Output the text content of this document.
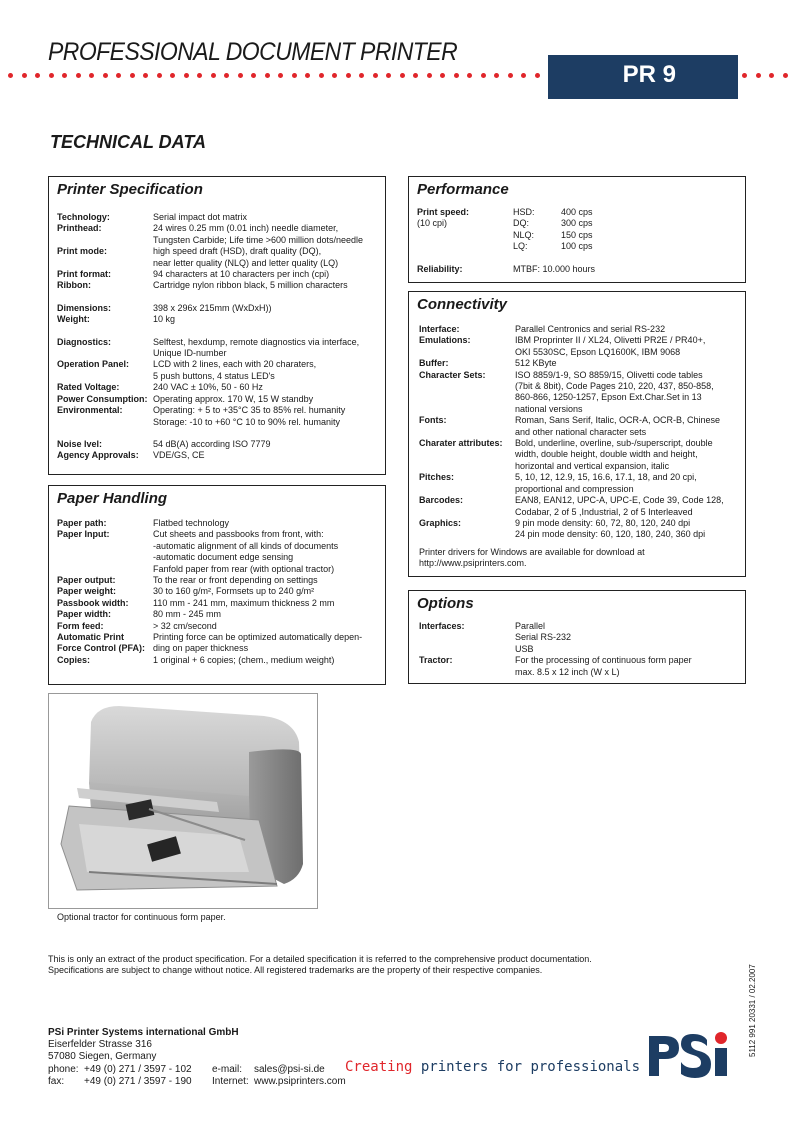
PROFESSIONAL DOCUMENT PRINTER
PR 9
TECHNICAL DATA
Printer Specification
Technology:	Serial impact dot matrix
Printhead:	24 wires 0.25 mm (0.01 inch) needle diameter,
Tungsten Carbide; Life time >600 million dots/needle
Print mode:	high speed draft (HSD), draft quality (DQ),
near letter quality (NLQ) and letter quality (LQ)
Print format:	94 characters at 10 characters per inch (cpi)
Ribbon:	Cartridge nylon ribbon black, 5 million characters
Dimensions:	398 x 296x 215mm (WxDxH))
Weight:	10 kg
Diagnostics:	Selftest, hexdump, remote diagnostics via interface,
Unique ID-number
Operation Panel:	LCD with 2 lines, each with 20 charaters,
5 push buttons, 4 status LED's
Rated Voltage:	240 VAC ± 10%, 50 - 60 Hz
Power Consumption: Operating approx. 170 W, 15 W standby
Environmental:	Operating: + 5 to +35°C 35 to 85% rel. humanity
Storage: -10 to +60 °C 10 to 90% rel. humanity
Noise lvel:	54 dB(A) according ISO 7779
Agency Approvals:	VDE/GS, CE
Paper Handling
Paper path:	Flatbed technology
Paper Input:	Cut sheets and passbooks from front, with:
-automatic alignment of all kinds of documents
-automatic document edge sensing
Fanfold paper from rear (with optional tractor)
Paper output:	To the rear or front depending on settings
Paper weight:	30 to 160 g/m², Formsets up to 240 g/m²
Passbook width:	110 mm - 241 mm, maximum thickness 2 mm
Paper width:	80 mm - 245 mm
Form feed:	> 32 cm/second
Automatic Print	Printing force can be optimized automatically depen-
Force Control (PFA): ding on paper thickness
Copies:	1 original + 6 copies; (chem., medium weight)
Performance
Print speed:
(10 cpi)
HSD:	400 cps
DQ:	300 cps
NLQ:	150 cps
LQ:	100 cps
Reliability:	MTBF: 10.000 hours
Connectivity
Interface:	Parallel Centronics and serial RS-232
Emulations:	IBM Proprinter II / XL24, Olivetti PR2E / PR40+,
OKI 5530SC, Epson LQ1600K, IBM 9068
Buffer:	512 KByte
Character Sets:	ISO 8859/1-9, SO 8859/15, Olivetti code tables
(7bit & 8bit), Code Pages 210, 220, 437, 850-858,
860-866, 1250-1257, Epson Ext.Char.Set in 13
national versions
Fonts:	Roman, Sans Serif, Italic, OCR-A, OCR-B, Chinese
and other national character sets
Charater attributes:	Bold, underline, overline, sub-/superscript, double
width, double height, double width and height,
horizontal and vertical expansion, italic
Pitches:	5, 10, 12, 12.9, 15, 16.6, 17.1, 18, and 20 cpi,
proportional and compression
Barcodes:	EAN8, EAN12, UPC-A, UPC-E, Code 39, Code 128,
Codabar, 2 of 5 ,Industrial, 2 of 5 Interleaved
Graphics:	9 pin mode density: 60, 72, 80, 120, 240 dpi
24 pin mode density: 60, 120, 180, 240, 360 dpi
Printer drivers for Windows are available for download at
http://www.psiprinters.com.
Options
Interfaces:	Parallel
Serial RS-232
USB
Tractor:	For the processing of continuous form paper
max. 8.5 x 12 inch (W x L)
Optional tractor for continuous form paper.
This is only an extract of the product specification. For a detailed specification it is referred to the comprehensive product documentation.
Specifications are subject to change without notice. All registered trademarks are the property of their respective companies.	5112 991 20331 / 02.2007
PSi Printer Systems international GmbH
Eiserfelder Strasse 316
57080 Siegen, Germany
phone: +49 (0) 271 / 3597 - 102	e-mail:	sales@psi-si.de
fax:	+49 (0) 271 / 3597 - 190	Internet: www.psiprinters.com
Creating printers for professionals
